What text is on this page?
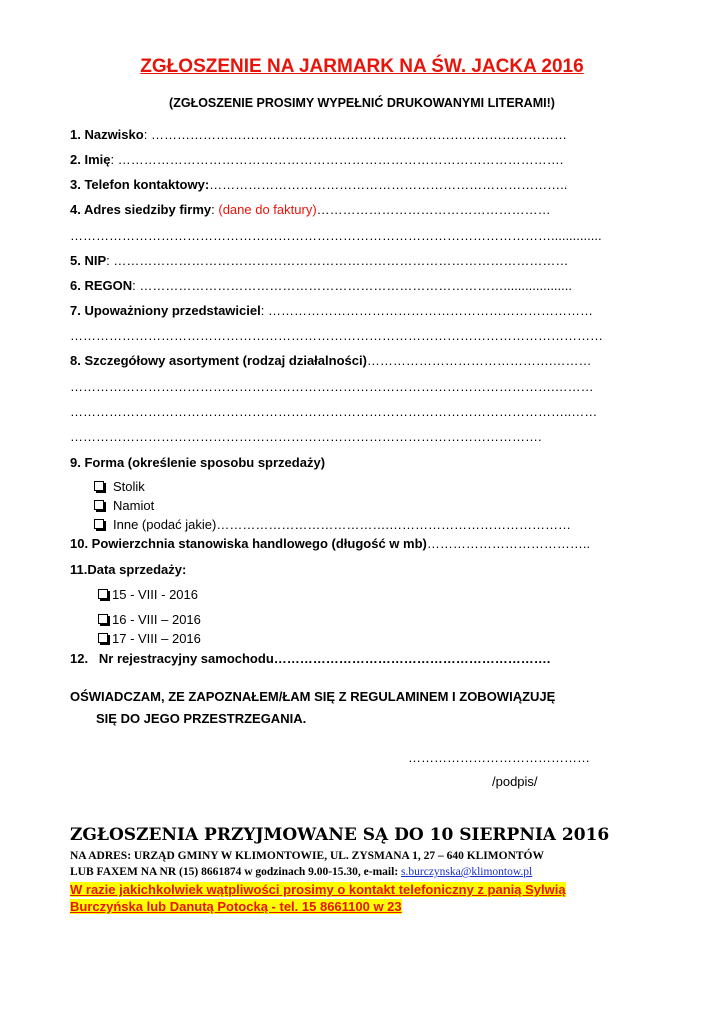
ZGŁOSZENIE NA JARMARK NA ŚW. JACKA 2016
(ZGŁOSZENIE PROSIMY WYPEŁNIĆ DRUKOWANYMI LITERAMI!)
1. Nazwisko: ……………………………………………………………………………………
2. Imię: ………………………………………………………………………………………….
3. Telefon kontaktowy:………………………………………………………………………..
4. Adres siedziby firmy: (dane do faktury)………………………………………………
…………………………………………………………………………………………………..............
5. NIP: ……………………………………………………………………………………………
6. REGON: …………………………………………………………………………...................
7. Upoważniony przedstawiciel: …………………………………………………………………
……………………………………………………………………………………………………………
8. Szczegółowy asortyment (rodzaj działalności)…………………………………….………
………………………………………………………………………………………………….………
……………………………………………………………………………………………………..……
……………………………………………………………………………………………….
9. Forma (określenie sposobu sprzedaży)
Stolik
Namiot
Inne (podać jakie)………………………………….……………………………………
10. Powierzchnia stanowiska handlowego (długość w mb)………………………………..
11.Data sprzedaży:
15 - VIII - 2016
16 - VIII – 2016
17 - VIII – 2016
12.   Nr rejestracyjny samochodu……………………………………………………….
OŚWIADCZAM, ZE ZAPOZNAŁEM/ŁAM SIĘ Z REGULAMINEM I ZOBOWIĄZUJĘ
SIĘ DO JEGO PRZESTRZEGANIA.
……………………………………
/podpis/
ZGŁOSZENIA PRZYJMOWANE SĄ DO 10 SIERPNIA 2016
NA ADRES: URZĄD GMINY W KLIMONTOWIE, UL. ZYSMANA 1, 27 – 640 KLIMONTÓW
LUB FAXEM NA NR (15) 8661874 w godzinach 9.00-15.30, e-mail: s.burczynska@klimontow.pl
W razie jakichkolwiek wątpliwości prosimy o kontakt telefoniczny z panią Sylwią
Burczyńska lub Danutą Potocką - tel. 15 8661100 w 23
